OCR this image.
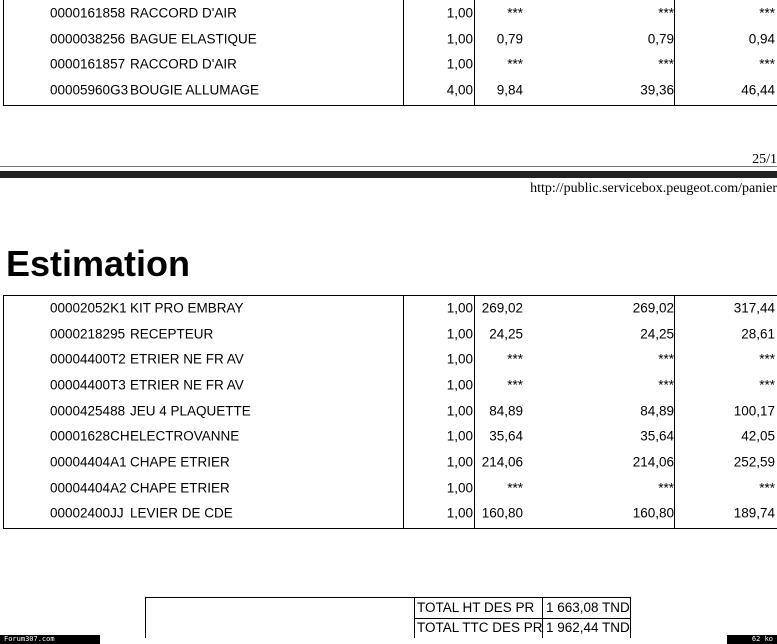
0000161858 RACCORD D'AIR	1,00	***	***	***
0000038256 BAGUE ELASTIQUE	1,00 0,79	0,79	0,94
0000161857 RACCORD D'AIR	1,00	***	***	***
00005960G3 BOUGIE ALLUMAGE	4,00 9,84	39,36	46,44
25/1
http://public.servicebox.peugeot.com/panier
Estimation
00002052K1 KIT PRO EMBRAY	1,00 269,02	269,02	317,44
0000218295 RECEPTEUR	1,00 24,25	24,25	28,61
00004400T2 ETRIER NE FR AV	1,00	***	***	***
00004400T3 ETRIER NE FR AV	1,00	***	***	***
0000425488 JEU 4 PLAQUETTE	1,00 84,89	84,89	100,17
00001628CH ELECTROVANNE	1,00 35,64	35,64	42,05
00004404A1 CHAPE ETRIER	1,00 214,06	214,06	252,59
00004404A2 CHAPE ETRIER	1,00	***	***	***
00002400JJ LEVIER DE CDE	1,00 160,80	160,80	189,74
TOTAL HT DES PR 1 663,08 TND
TOTAL TTC DES PR 1 962,44 TND
Forum307.com	62 ko
